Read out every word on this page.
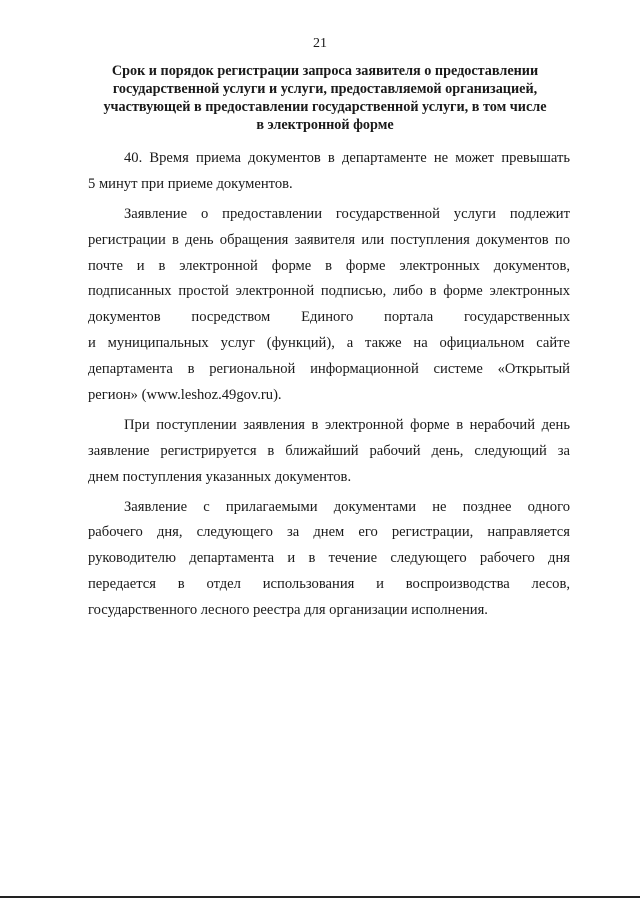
21
Срок и порядок регистрации запроса заявителя о предоставлении
государственной услуги и услуги, предоставляемой организацией,
участвующей в предоставлении государственной услуги, в том числе
в электронной форме
40. Время приема документов в департаменте не может превышать
5 минут при приеме документов.
Заявление о предоставлении государственной услуги подлежит
регистрации в день обращения заявителя или поступления документов по
почте и в электронной форме в форме электронных документов,
подписанных простой электронной подписью, либо в форме электронных
документов посредством Единого портала государственных
и муниципальных услуг (функций), а также на официальном сайте
департамента в региональной информационной системе «Открытый
регион» (www.leshoz.49gov.ru).
При поступлении заявления в электронной форме в нерабочий день
заявление регистрируется в ближайший рабочий день, следующий за
днем поступления указанных документов.
Заявление с прилагаемыми документами не позднее одного
рабочего дня, следующего за днем его регистрации, направляется
руководителю департамента и в течение следующего рабочего дня
передается в отдел использования и воспроизводства лесов,
государственного лесного реестра для организации исполнения.
